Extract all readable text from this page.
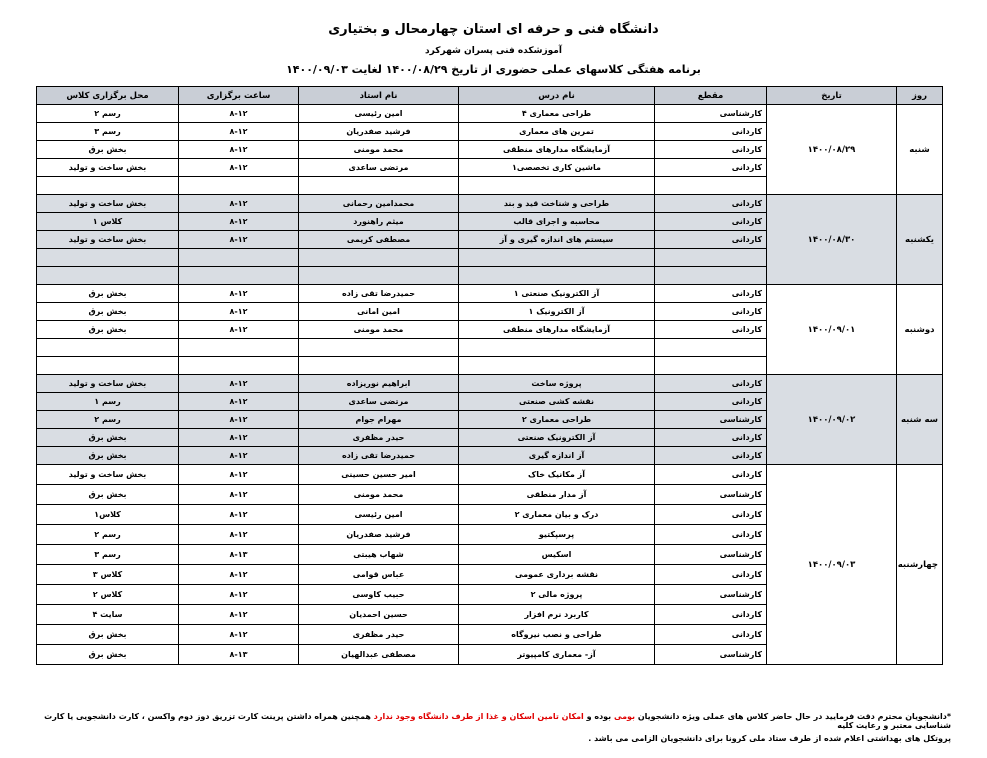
دانشگاه فنی و حرفه ای استان چهارمحال و بختیاری
آموزشکده فنی پسران شهرکرد
برنامه هفتگی کلاسهای عملی حضوری از تاریخ ۱۴۰۰/۰۸/۲۹ لغایت ۱۴۰۰/۰۹/۰۳
روز	تاریخ	مقطع	نام درس	نام استاد	ساعت برگزاری	محل برگزاری کلاس
شنبه	۱۴۰۰/۰۸/۲۹	کارشناسی	طراحی معماری ۴	امین رئیسی	۸-۱۲	رسم ۲
		کاردانی	تمرین های معماری	فرشید صفدریان	۸-۱۲	رسم ۳
		کاردانی	آزمایشگاه مدارهای منطقی	محمد مومنی	۸-۱۲	بخش برق
		کاردانی	ماشین کاری تخصصی۱	مرتضی ساعدی	۸-۱۲	بخش ساخت و تولید

یکشنبه	۱۴۰۰/۰۸/۳۰	کاردانی	طراحی و شناخت قید و بند	محمدامین رحمانی	۸-۱۲	بخش ساخت و تولید
		کاردانی	محاسبه و اجرای قالب	میثم راهنورد	۸-۱۲	کلاس ۱
		کاردانی	سیستم های اندازه گیری و آز	مصطفی کریمی	۸-۱۲	بخش ساخت و تولید

دوشنبه	۱۴۰۰/۰۹/۰۱	کاردانی	آز الکترونیک صنعتی ۱	حمیدرضا تقی زاده	۸-۱۲	بخش برق
		کاردانی	آز الکترونیک ۱	امین امانی	۸-۱۲	بخش برق
		کاردانی	آزمایشگاه مدارهای منطقی	محمد مومنی	۸-۱۲	بخش برق

سه شنبه	۱۴۰۰/۰۹/۰۲	کاردانی	پروژه ساخت	ابراهیم نوریزاده	۸-۱۲	بخش ساخت و تولید
		کاردانی	نقشه کشی صنعتی	مرتضی ساعدی	۸-۱۲	رسم ۱
		کارشناسی	طراحی معماری ۲	مهرام جوام	۸-۱۲	رسم ۲
		کاردانی	آز الکترونیک صنعتی	حیدر مظفری	۸-۱۲	بخش برق
		کاردانی	آز اندازه گیری	حمیدرضا تقی زاده	۸-۱۲	بخش برق
چهارشنبه	۱۴۰۰/۰۹/۰۳	کاردانی	آز مکانیک خاک	امیر حسین حسینی	۸-۱۲	بخش ساخت و تولید
		کارشناسی	آز مدار منطقی	محمد مومنی	۸-۱۲	بخش برق
		کاردانی	درک و بیان معماری ۲	امین رئیسی	۸-۱۲	کلاس۱
		کاردانی	پرسپکتیو	فرشید صفدریان	۸-۱۲	رسم ۲
		کارشناسی	اسکیس	شهاب هیبتی	۸-۱۳	رسم ۳
		کاردانی	نقشه برداری عمومی	عباس قوامی	۸-۱۲	کلاس ۳
		کارشناسی	پروژه مالی ۲	حبیب کاوسی	۸-۱۲	کلاس ۲
		کاردانی	کاربرد نرم افزار	حسین احمدیان	۸-۱۲	سایت ۴
		کاردانی	طراحی و نصب نیروگاه	حیدر مظفری	۸-۱۲	بخش برق
		کارشناسی	آز- معماری کامپیوتر	مصطفی عبدالهیان	۸-۱۳	بخش برق
*دانشجویان محترم دقت فرمایید در حال حاضر کلاس های عملی ویژه دانشجویان بومی بوده و امکان تامین اسکان و غذا از طرف دانشگاه وجود ندارد همچنین همراه داشتن پرینت کارت تزریق دوز دوم واکسن ، کارت دانشجویی یا کارت شناسایی معتبر و رعایت کلیه
پروتکل های بهداشتی اعلام شده از طرف ستاد ملی کرونا برای دانشجویان الزامی می باشد .
